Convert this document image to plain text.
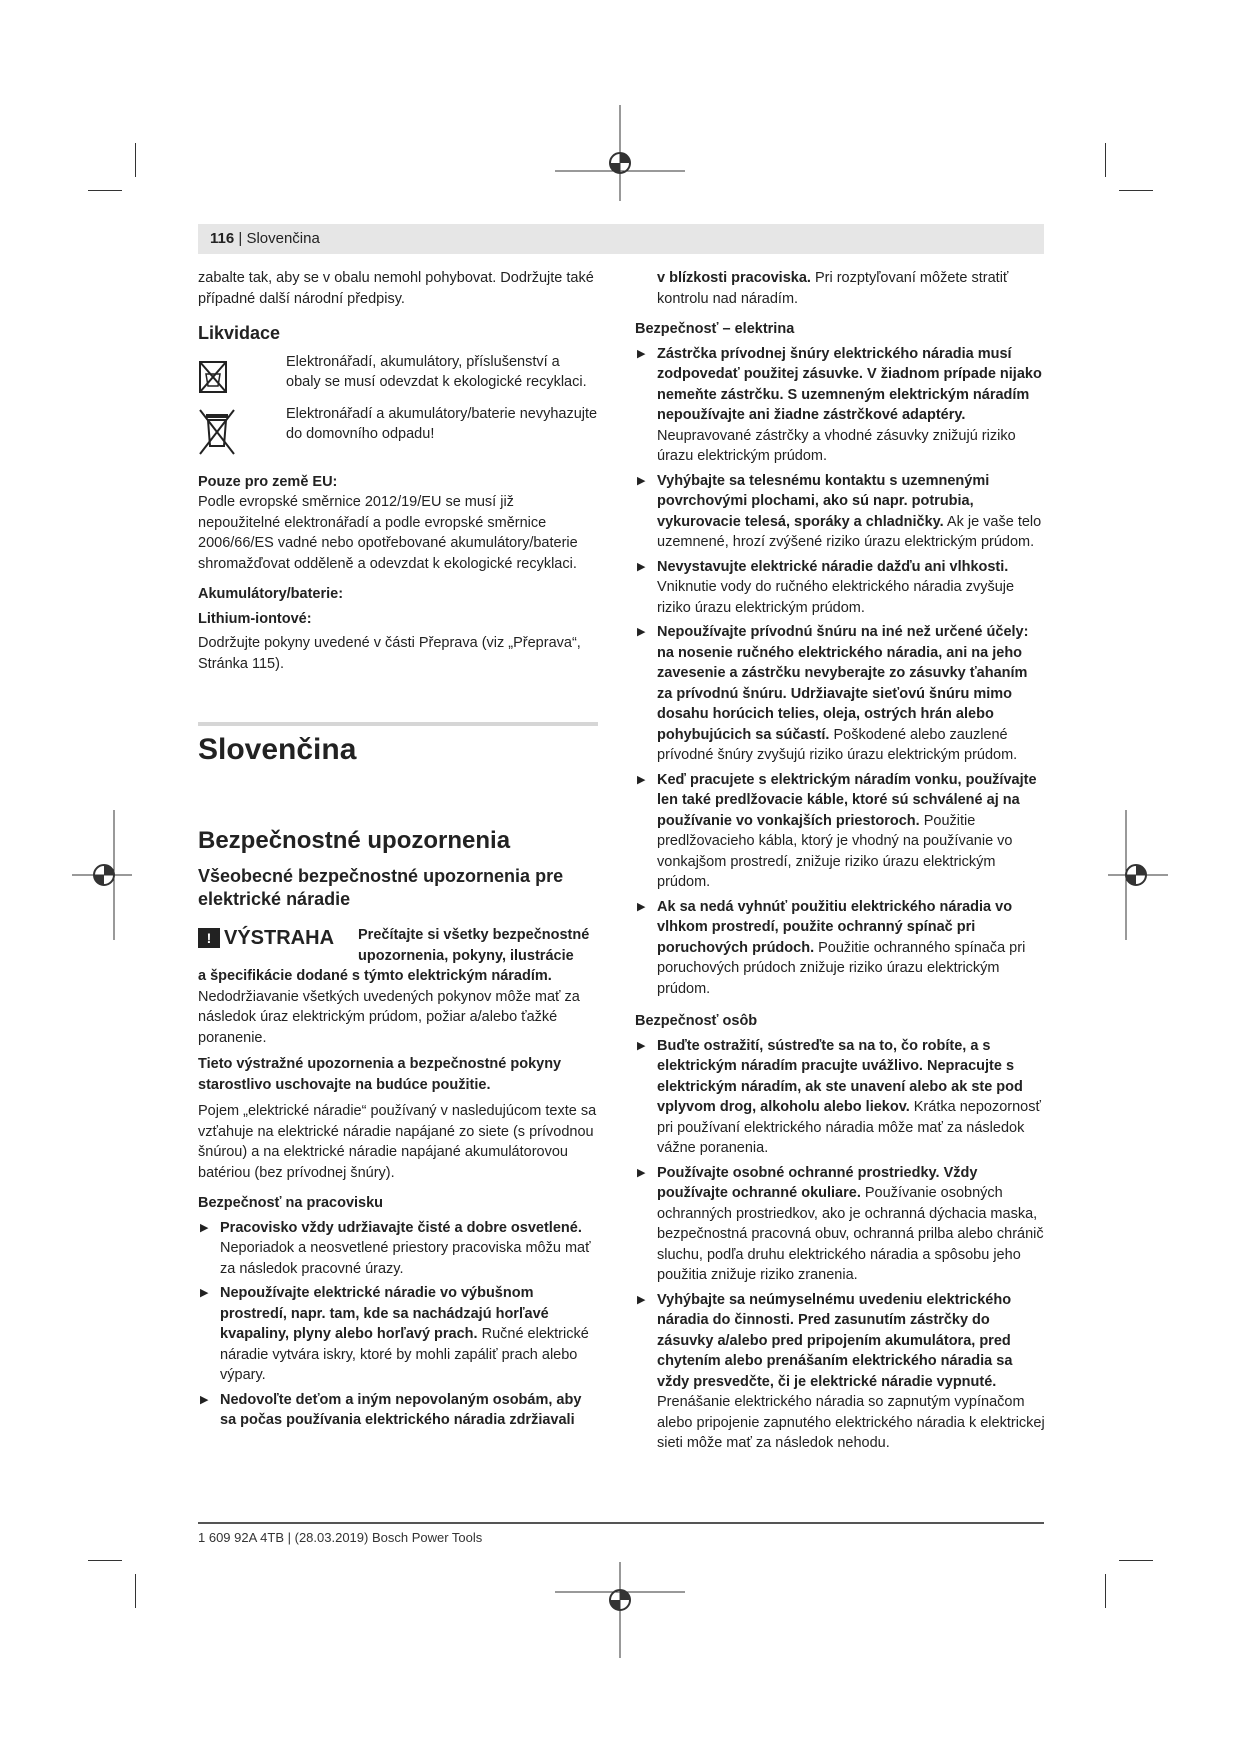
116 | Slovenčina

zabalte tak, aby se v obalu nemohl pohybovat. Dodržujte také případné další národní předpisy.

Likvidace
Elektronářadí, akumulátory, příslušenství a obaly se musí odevzdat k ekologické recyklaci.
Elektronářadí a akumulátory/baterie nevyhazujte do domovního odpadu!

Pouze pro země EU:

Podle evropské směrnice 2012/19/EU se musí již nepoužitelné elektronářadí a podle evropské směrnice 2006/66/ES vadné nebo opotřebované akumulátory/baterie shromažďovat odděleně a odevzdat k ekologické recyklaci.

Akumulátory/baterie:

Lithium-iontové:

Dodržujte pokyny uvedené v části Přeprava (viz „Přeprava“, Stránka 115).

Slovenčina
Bezpečnostné upozornenia
Všeobecné bezpečnostné upozornenia pre elektrické náradie
! VÝSTRAHA Prečítajte si všetky bezpečnostné upozornenia, pokyny, ilustrácie

a špecifikácie dodané s týmto elektrickým náradím.

Nedodržiavanie všetkých uvedených pokynov môže mať za následok úraz elektrickým prúdom, požiar a/alebo ťažké poranenie.

Tieto výstražné upozornenia a bezpečnostné pokyny starostlivo uschovajte na budúce použitie.

Pojem „elektrické náradie“ používaný v nasledujúcom texte sa vzťahuje na elektrické náradie napájané zo siete (s prívodnou šnúrou) a na elektrické náradie napájané akumulátorovou batériou (bez prívodnej šnúry).

Bezpečnosť na pracovisku

▶ Pracovisko vždy udržiavajte čisté a dobre osvetlené. Neporiadok a neosvetlené priestory pracoviska môžu mať za následok pracovné úrazy.
▶ Nepoužívajte elektrické náradie vo výbušnom prostredí, napr. tam, kde sa nachádzajú horľavé kvapaliny, plyny alebo horľavý prach. Ručné elektrické náradie vytvára iskry, ktoré by mohli zapáliť prach alebo výpary.
▶ Nedovoľte deťom a iným nepovolaným osobám, aby sa počas používania elektrického náradia zdržiavali

v blízkosti pracoviska. Pri rozptyľovaní môžete stratiť kontrolu nad náradím.

Bezpečnosť – elektrina

▶ Zástrčka prívodnej šnúry elektrického náradia musí zodpovedať použitej zásuvke. V žiadnom prípade nijako nemeňte zástrčku. S uzemneným elektrickým náradím nepoužívajte ani žiadne zástrčkové adaptéry. Neupravované zástrčky a vhodné zásuvky znižujú riziko úrazu elektrickým prúdom.
▶ Vyhýbajte sa telesnému kontaktu s uzemnenými povrchovými plochami, ako sú napr. potrubia, vykurovacie telesá, sporáky a chladničky. Ak je vaše telo uzemnené, hrozí zvýšené riziko úrazu elektrickým prúdom.
▶ Nevystavujte elektrické náradie dažďu ani vlhkosti. Vniknutie vody do ručného elektrického náradia zvyšuje riziko úrazu elektrickým prúdom.
▶ Nepoužívajte prívodnú šnúru na iné než určené účely: na nosenie ručného elektrického náradia, ani na jeho zavesenie a zástrčku nevyberajte zo zásuvky ťahaním za prívodnú šnúru. Udržiavajte sieťovú šnúru mimo dosahu horúcich telies, oleja, ostrých hrán alebo pohybujúcich sa súčastí. Poškodené alebo zauzlené prívodné šnúry zvyšujú riziko úrazu elektrickým prúdom.
▶ Keď pracujete s elektrickým náradím vonku, používajte len také predlžovacie káble, ktoré sú schválené aj na používanie vo vonkajších priestoroch. Použitie predlžovacieho kábla, ktorý je vhodný na používanie vo vonkajšom prostredí, znižuje riziko úrazu elektrickým prúdom.
▶ Ak sa nedá vyhnúť použitiu elektrického náradia vo vlhkom prostredí, použite ochranný spínač pri poruchových prúdoch. Použitie ochranného spínača pri poruchových prúdoch znižuje riziko úrazu elektrickým prúdom.

Bezpečnosť osôb

▶ Buďte ostražití, sústreďte sa na to, čo robíte, a s elektrickým náradím pracujte uvážlivo. Nepracujte s elektrickým náradím, ak ste unavení alebo ak ste pod vplyvom drog, alkoholu alebo liekov. Krátka nepozornosť pri používaní elektrického náradia môže mať za následok vážne poranenia.
▶ Používajte osobné ochranné prostriedky. Vždy používajte ochranné okuliare. Používanie osobných ochranných prostriedkov, ako je ochranná dýchacia maska, bezpečnostná pracovná obuv, ochranná prilba alebo chránič sluchu, podľa druhu elektrického náradia a spôsobu jeho použitia znižuje riziko zranenia.
▶ Vyhýbajte sa neúmyselnému uvedeniu elektrického náradia do činnosti. Pred zasunutím zástrčky do zásuvky a/alebo pred pripojením akumulátora, pred chytením alebo prenášaním elektrického náradia sa vždy presvedčte, či je elektrické náradie vypnuté. Prenášanie elektrického náradia so zapnutým vypínačom alebo pripojenie zapnutého elektrického náradia k elektrickej sieti môže mať za následok nehodu.
1 609 92A 4TB | (28.03.2019) Bosch Power Tools
